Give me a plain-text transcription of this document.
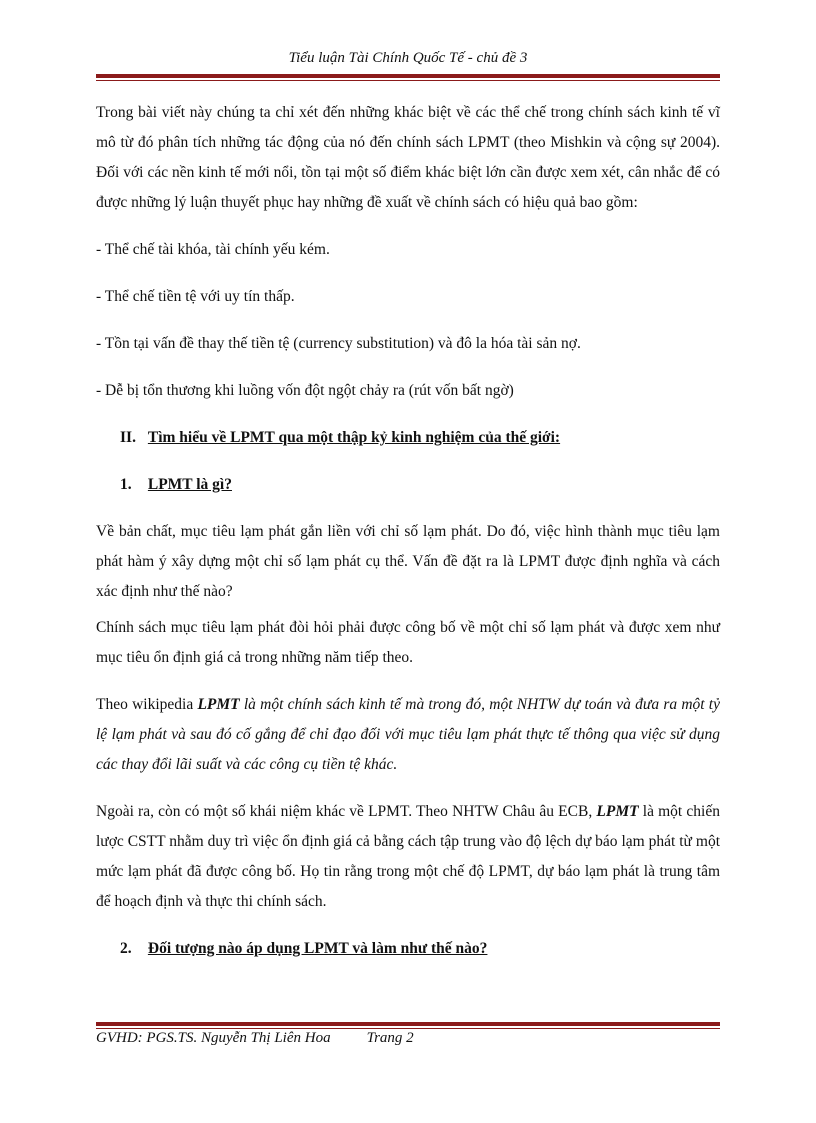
Tiểu luận Tài Chính Quốc Tế - chủ đề 3

Trong bài viết này chúng ta chỉ xét đến những khác biệt về các thể chế trong chính sách kinh tế vĩ mô từ đó phân tích những tác động của nó đến chính sách LPMT (theo Mishkin và cộng sự 2004). Đối với các nền kinh tế mới nổi, tồn tại một số điểm khác biệt lớn cần được xem xét, cân nhắc để có được những lý luận thuyết phục hay những đề xuất về chính sách có hiệu quả bao gồm:

- Thể chế tài khóa, tài chính yếu kém.

- Thể chế tiền tệ với uy tín thấp.

- Tồn tại vấn đề thay thế tiền tệ (currency substitution) và đô la hóa tài sản nợ.

- Dễ bị tổn thương khi luồng vốn đột ngột chảy ra (rút vốn bất ngờ)

II. Tìm hiểu về LPMT qua một thập kỷ kinh nghiệm của thế giới:

1. LPMT là gì?

Về bản chất, mục tiêu lạm phát gắn liền với chỉ số lạm phát. Do đó, việc hình thành mục tiêu lạm phát hàm ý xây dựng một chỉ số lạm phát cụ thể. Vấn đề đặt ra là LPMT được định nghĩa và cách xác định như thế nào?

Chính sách mục tiêu lạm phát đòi hỏi phải được công bố về một chỉ số lạm phát và được xem như mục tiêu ổn định giá cả trong những năm tiếp theo.

Theo wikipedia LPMT là một chính sách kinh tế mà trong đó, một NHTW dự toán và đưa ra một tỷ lệ lạm phát và sau đó cố gắng để chỉ đạo đối với mục tiêu lạm phát thực tế thông qua việc sử dụng các thay đổi lãi suất và các công cụ tiền tệ khác.

Ngoài ra, còn có một số khái niệm khác về LPMT. Theo NHTW Châu âu ECB, LPMT là một chiến lược CSTT nhằm duy trì việc ổn định giá cả bằng cách tập trung vào độ lệch dự báo lạm phát từ một mức lạm phát đã được công bố. Họ tin rằng trong một chế độ LPMT, dự báo lạm phát là trung tâm để hoạch định và thực thi chính sách.

2. Đối tượng nào áp dụng LPMT và làm như thế nào?

GVHD: PGS.TS. Nguyễn Thị Liên Hoa Trang 2
